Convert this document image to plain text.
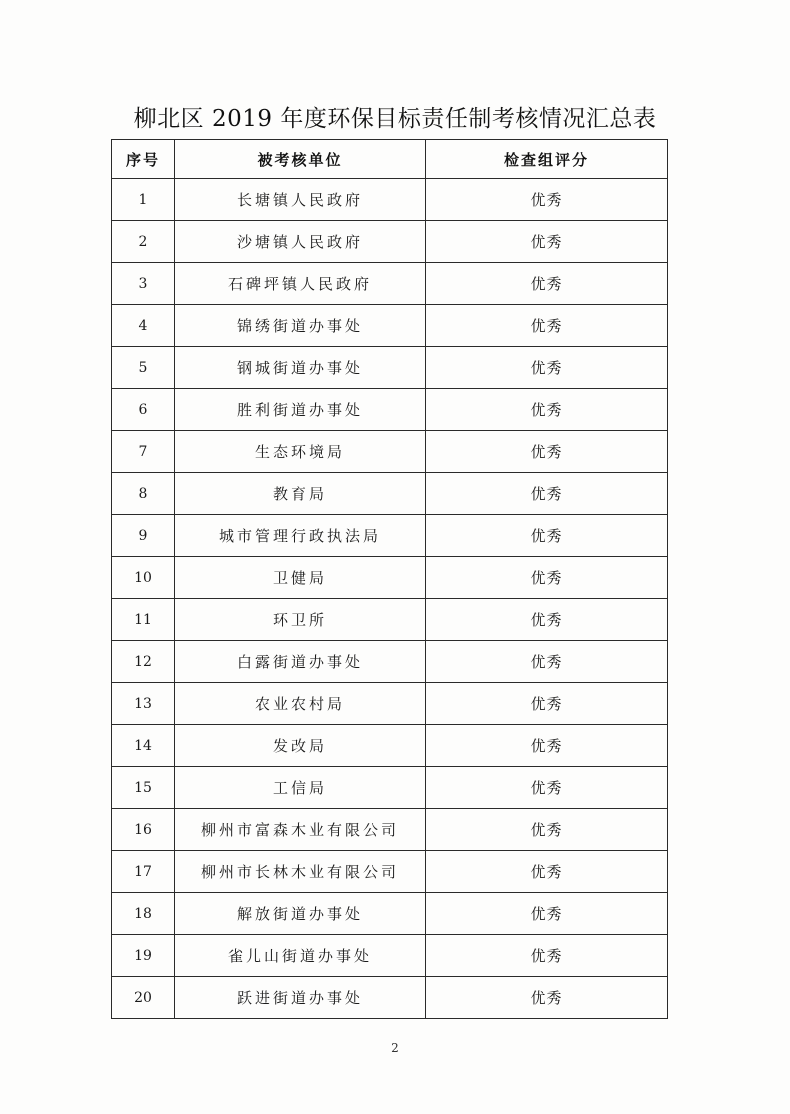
柳北区 2019 年度环保目标责任制考核情况汇总表
序号	被考核单位	检查组评分
1	长塘镇人民政府	优秀
2	沙塘镇人民政府	优秀
3	石碑坪镇人民政府	优秀
4	锦绣街道办事处	优秀
5	钢城街道办事处	优秀
6	胜利街道办事处	优秀
7	生态环境局	优秀
8	教育局	优秀
9	城市管理行政执法局	优秀
10	卫健局	优秀
11	环卫所	优秀
12	白露街道办事处	优秀
13	农业农村局	优秀
14	发改局	优秀
15	工信局	优秀
16	柳州市富森木业有限公司	优秀
17	柳州市长林木业有限公司	优秀
18	解放街道办事处	优秀
19	雀儿山街道办事处	优秀
20	跃进街道办事处	优秀
2
